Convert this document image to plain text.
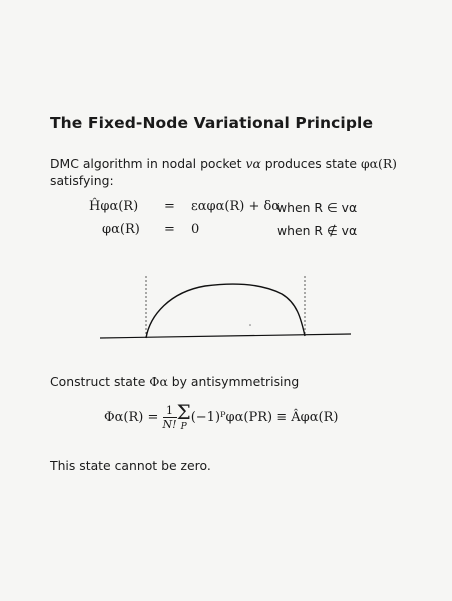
The Fixed-Node Variational Principle
DMC algorithm in nodal pocket vα produces state φα(R)
satisfying:
Ĥφα(R) = εαφα(R) + δα
when R ∈ vα
φα(R) = 0	when R ∉ vα
Construct state Φα by antisymmetrising
$\Phi\alpha(R) = \frac{1}{N!}$ Σ
P
(−1)ᴾφα(PR) ≡ Âφα(R)
This state cannot be zero.
